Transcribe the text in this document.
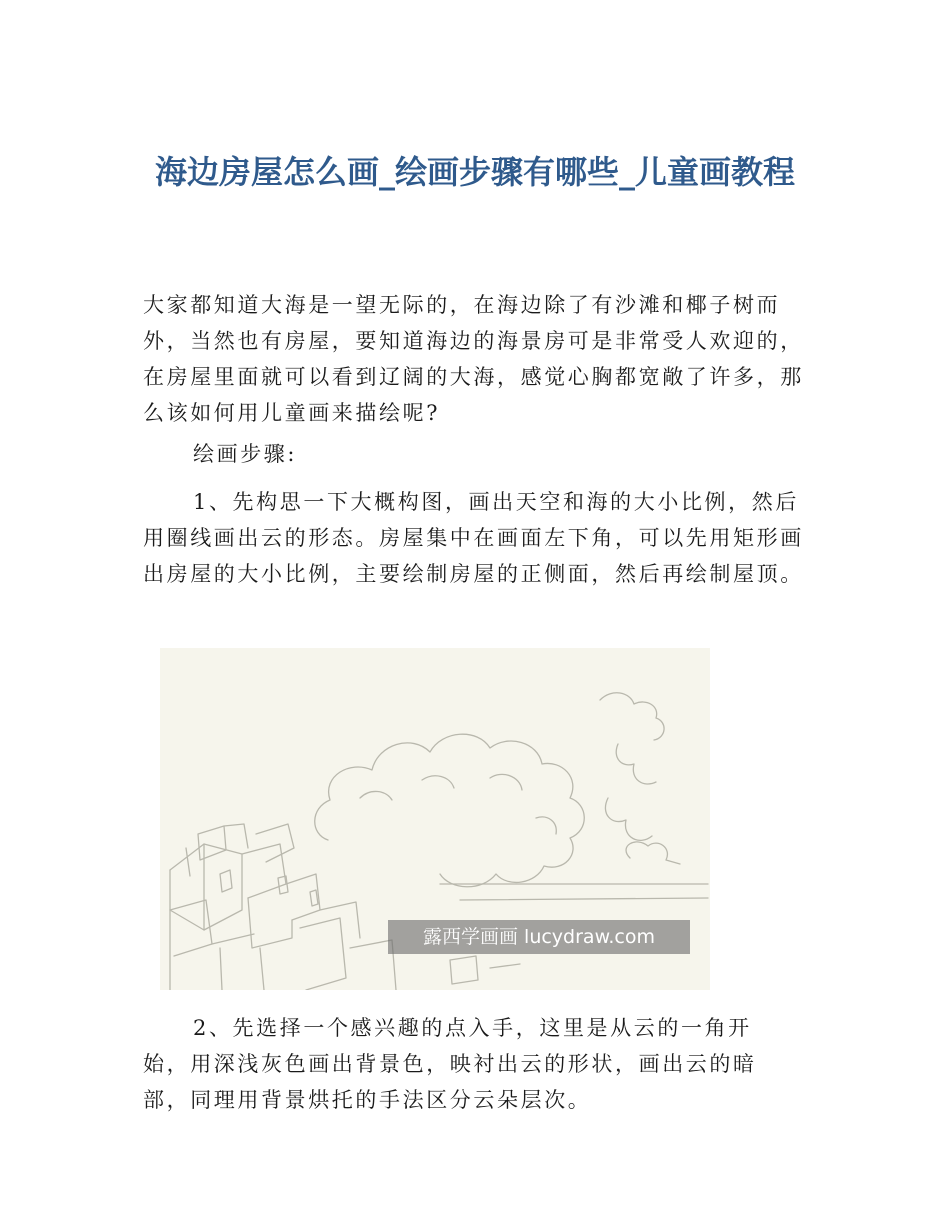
海边房屋怎么画_绘画步骤有哪些_儿童画教程

大家都知道大海是一望无际的，在海边除了有沙滩和椰子树而外，当然也有房屋，要知道海边的海景房可是非常受人欢迎的，在房屋里面就可以看到辽阔的大海，感觉心胸都宽敞了许多，那么该如何用儿童画来描绘呢?

绘画步骤:

1、先构思一下大概构图，画出天空和海的大小比例，然后用圈线画出云的形态。房屋集中在画面左下角，可以先用矩形画出房屋的大小比例，主要绘制房屋的正侧面，然后再绘制屋顶。

露西学画画 lucydraw.com

2、先选择一个感兴趣的点入手，这里是从云的一角开始，用深浅灰色画出背景色，映衬出云的形状，画出云的暗部，同理用背景烘托的手法区分云朵层次。
